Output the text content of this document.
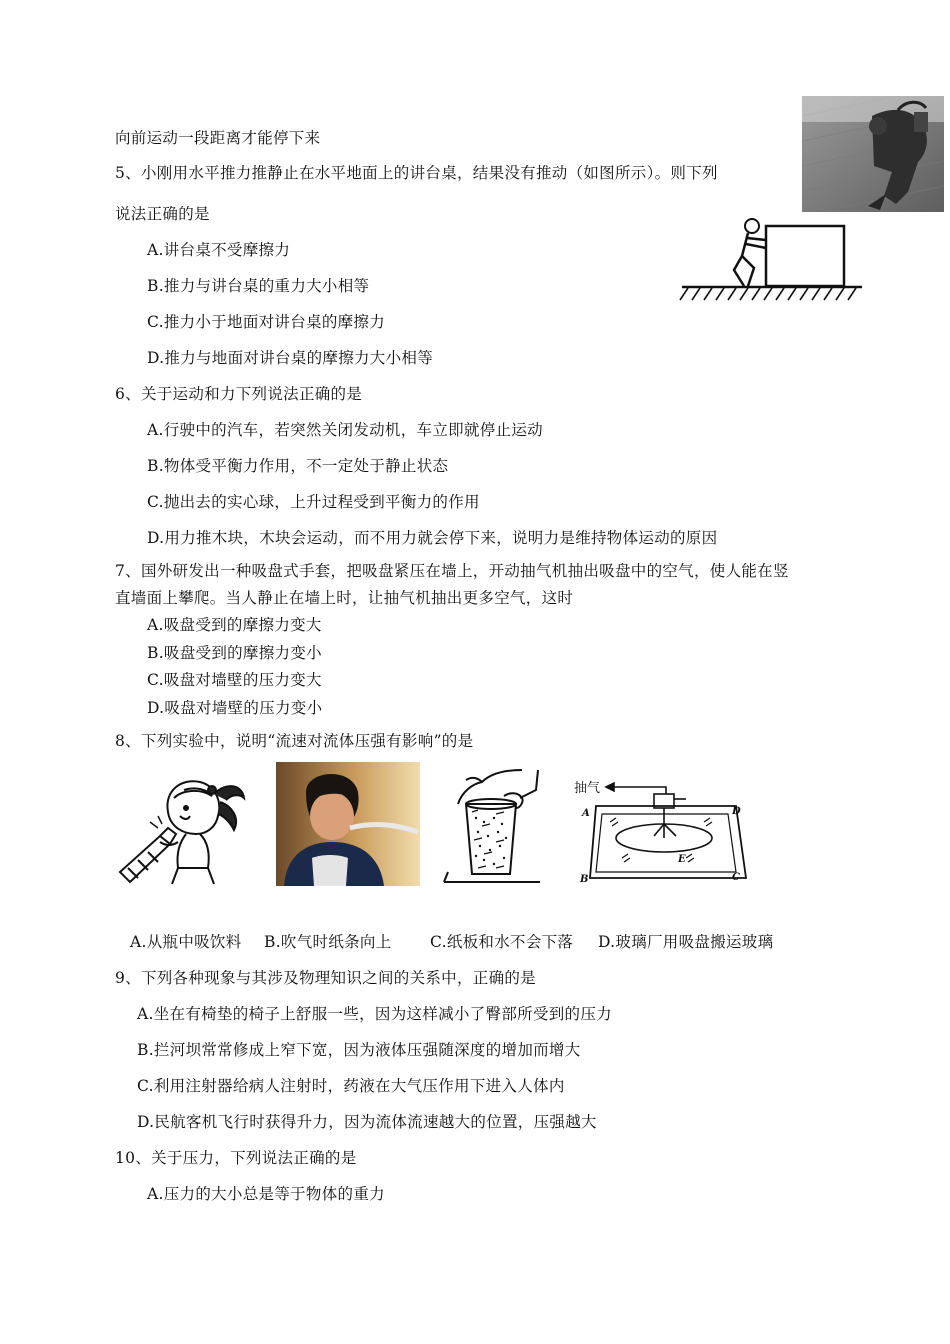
向前运动一段距离才能停下来
5、小刚用水平推力推静止在水平地面上的讲台桌，结果没有推动（如图所示）。则下列
说法正确的是
A.讲台桌不受摩擦力
B.推力与讲台桌的重力大小相等
C.推力小于地面对讲台桌的摩擦力
D.推力与地面对讲台桌的摩擦力大小相等
6、关于运动和力下列说法正确的是
A.行驶中的汽车，若突然关闭发动机，车立即就停止运动
B.物体受平衡力作用，不一定处于静止状态
C.抛出去的实心球，上升过程受到平衡力的作用
D.用力推木块，木块会运动，而不用力就会停下来，说明力是维持物体运动的原因
7、国外研发出一种吸盘式手套，把吸盘紧压在墙上，开动抽气机抽出吸盘中的空气，使人能在竖
直墙面上攀爬。当人静止在墙上时，让抽气机抽出更多空气，这时
A.吸盘受到的摩擦力变大
B.吸盘受到的摩擦力变小
C.吸盘对墙壁的压力变大
D.吸盘对墙壁的压力变小
8、下列实验中，说明“流速对流体压强有影响”的是
抽气
A	D
B	C
E
A.从瓶中吸饮料 B.吹气时纸条向上 C.纸板和水不会下落 D.玻璃厂用吸盘搬运玻璃
9、下列各种现象与其涉及物理知识之间的关系中，正确的是
A.坐在有椅垫的椅子上舒服一些，因为这样减小了臀部所受到的压力
B.拦河坝常常修成上窄下宽，因为液体压强随深度的增加而增大
C.利用注射器给病人注射时，药液在大气压作用下进入人体内
D.民航客机飞行时获得升力，因为流体流速越大的位置，压强越大
10、关于压力，下列说法正确的是
A.压力的大小总是等于物体的重力
